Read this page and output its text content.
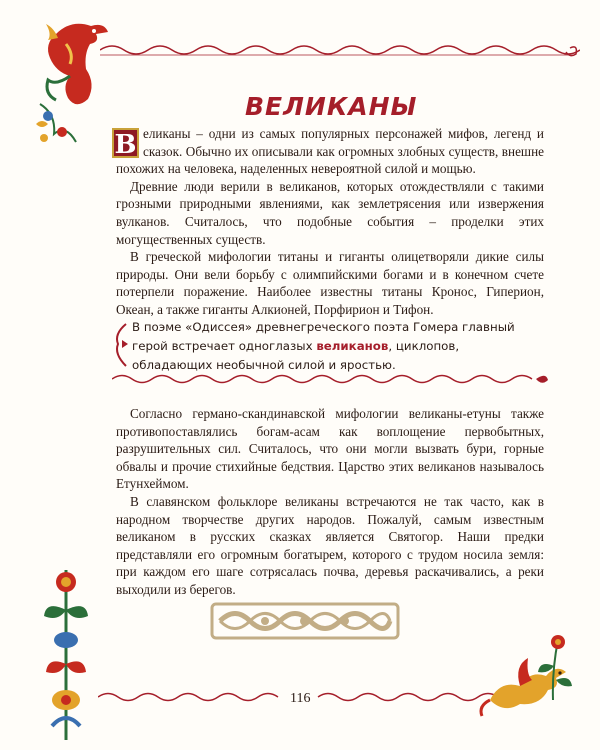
ВЕЛИКАНЫ

В еликаны – одни из самых популярных персонажей мифов, легенд и сказок. Обычно их описывали как огромных злобных существ, внешне похожих на человека, наделенных невероятной силой и мощью.

Древние люди верили в великанов, которых отождествляли с такими грозными природными явлениями, как землетрясения или извержения вулканов. Считалось, что подобные события – проделки этих могущественных существ.

В греческой мифологии титаны и гиганты олицетворяли дикие силы природы. Они вели борьбу с олимпийскими богами и в конечном счете потерпели поражение. Наиболее известны титаны Кронос, Гиперион, Океан, а также гиганты Алкионей, Порфирион и Тифон.

В поэме «Одиссея» древнегреческого поэта Гомера главный герой встречает одноглазых великанов, циклопов, обладающих необычной силой и яростью.

Согласно германо-скандинавской мифологии великаны-етуны также противопоставлялись богам-асам как воплощение первобытных, разрушительных сил. Считалось, что они могли вызвать бури, горные обвалы и прочие стихийные бедствия. Царство этих великанов называлось Етунхеймом.

В славянском фольклоре великаны встречаются не так часто, как в народном творчестве других народов. Пожалуй, самым известным великаном в русских сказках является Святогор. Наши предки представляли его огромным богатырем, которого с трудом носила земля: при каждом его шаге сотрясалась почва, деревья раскачивались, а реки выходили из берегов.

116
